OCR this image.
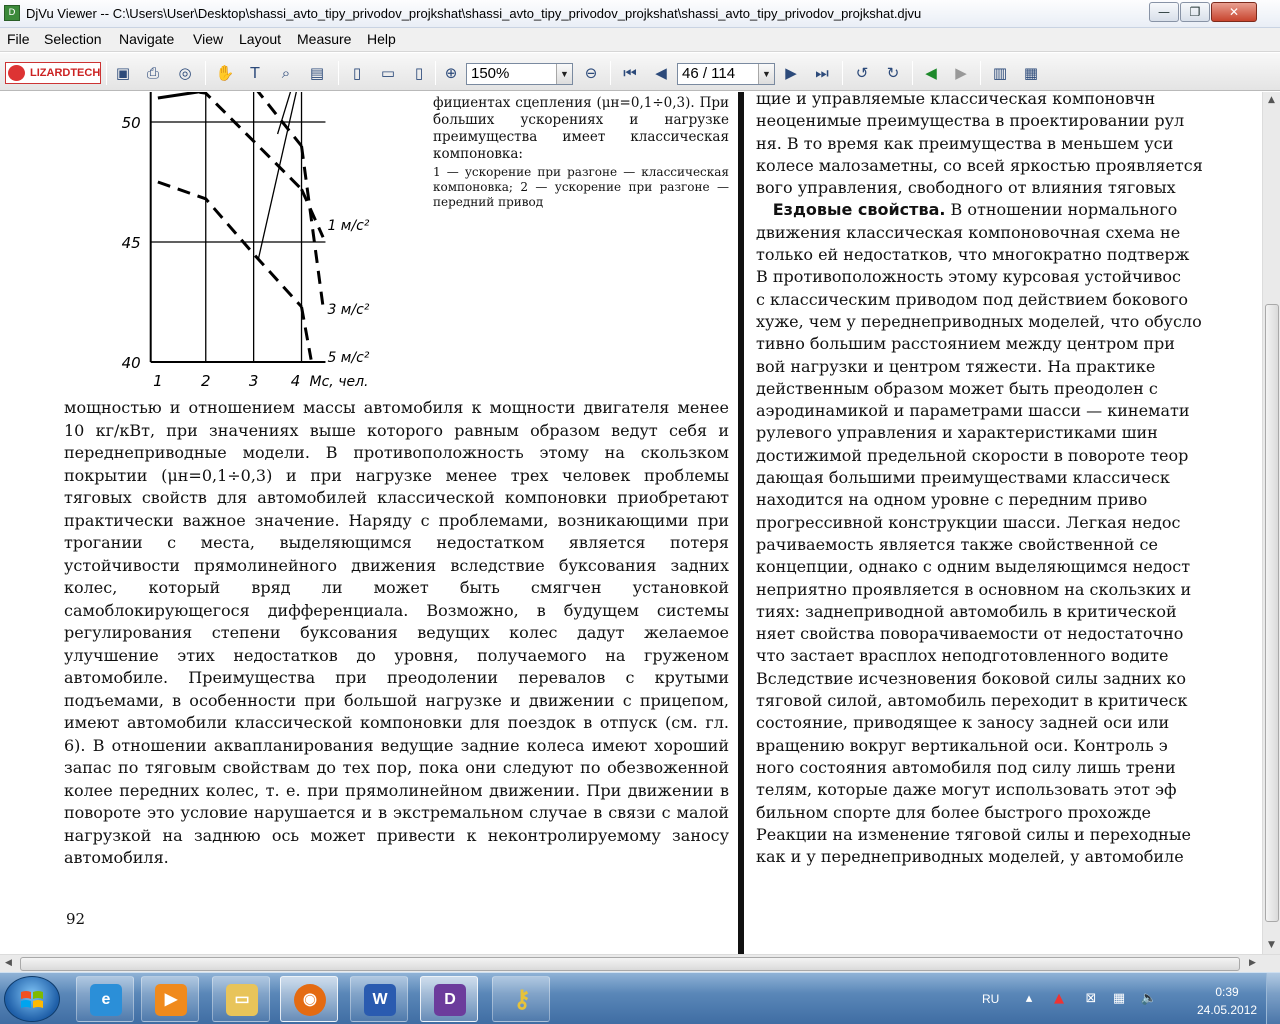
D DjVu Viewer -- C:\Users\User\Desktop\shassi_avto_tipy_privodov_projkshat\shassi_avto_tipy_privodov_projkshat\shassi_avto_tipy_privodov_projkshat.djvu	—	❐	✕
File Selection Navigate View Layout Measure Help
LIZARDTECH ▣	⎙	◎ ✋	T	⌕	▤	▯	▭	▯	⊕ 150%	▼	⊖	⏮	◀	46 / 114	▼ ▶	⏭	↺	↻	◀	▶	▥ ▦
40
45
50
1	2	3 4 Mc, чел.
1 м/с²
3 м/с²
5 м/с²
фициентах сцепления (μн=0,1÷0,3). При больших ускорениях и нагрузке преимущества имеет классическая компоновка:
1 — ускорение при разгоне — классическая компоновка; 2 — ускорение при разгоне — передний привод

мощностью и отношением массы автомобиля к мощности двигателя менее 10 кг/кВт, при значениях выше которого равным образом ведут себя и переднеприводные модели. В противоположность этому на скользком покрытии (μн=0,1÷0,3) и при нагрузке менее трех человек проблемы тяговых свойств для автомобилей классической компоновки приобретают практически важное значение. Наряду с проблемами, возникающими при трогании с места, выделяющимся недостатком является потеря устойчивости прямолинейного движения вследствие буксования задних колес, который вряд ли может быть смягчен установкой самоблокирующегося дифференциала. Возможно, в будущем системы регулирования степени буксования ведущих колес дадут желаемое улучшение этих недостатков до уровня, получаемого на груженом автомобиле. Преимущества при преодолении перевалов с крутыми подъемами, в особенности при большой нагрузке и движении с прицепом, имеют автомобили классической компоновки для поездок в отпуск (см. гл. 6). В отношении аквапланирования ведущие задние колеса имеют хороший запас по тяговым свойствам до тех пор, пока они следуют по обезвоженной колее передних колес, т. е. при прямолинейном движении. При движении в повороте это условие нарушается и в экстремальном случае в связи с малой нагрузкой на заднюю ось может привести к неконтролируемому заносу автомобиля.

92
щие и управляемые классическая компоновчн
неоценимые преимущества в проектировании рул
ня. В то время как преимущества в меньшем уси
колесе малозаметны, со всей яркостью проявляется
вого управления, свободного от влияния тяговых
Ездовые свойства. В отношении нормального
движения классическая компоновочная схема не
только ей недостатков, что многократно подтверж
В противоположность этому курсовая устойчивос
с классическим приводом под действием бокового
хуже, чем у переднеприводных моделей, что обусло
тивно большим расстоянием между центром при
вой нагрузки и центром тяжести. На практике
действенным образом может быть преодолен с
аэродинамикой и параметрами шасси — кинемати
рулевого управления и характеристиками шин
достижимой предельной скорости в повороте теор
дающая большими преимуществами классическ
находится на одном уровне с передним приво
прогрессивной конструкции шасси. Легкая недос
рачиваемость является также свойственной се
концепции, однако с одним выделяющимся недост
неприятно проявляется в основном на скользких и
тиях: заднеприводной автомобиль в критической
няет свойства поворачиваемости от недостаточно
что застает врасплох неподготовленного водите
Вследствие исчезновения боковой силы задних ко
тяговой силой, автомобиль переходит в критическ
состояние, приводящее к заносу задней оси или
вращению вокруг вертикальной оси. Контроль э
ного состояния автомобиля под силу лишь трени
телям, которые даже могут использовать этот эф
бильном спорте для более быстрого прохожде
Реакции на изменение тяговой силы и переходные
как и у переднеприводных моделей, у автомобиле
▲
▼
◀	▶
e	▶	▭	◉	W	D	⚷	RU	▴	▲	⊠ ▦ 🔈	0:39
24.05.2012
